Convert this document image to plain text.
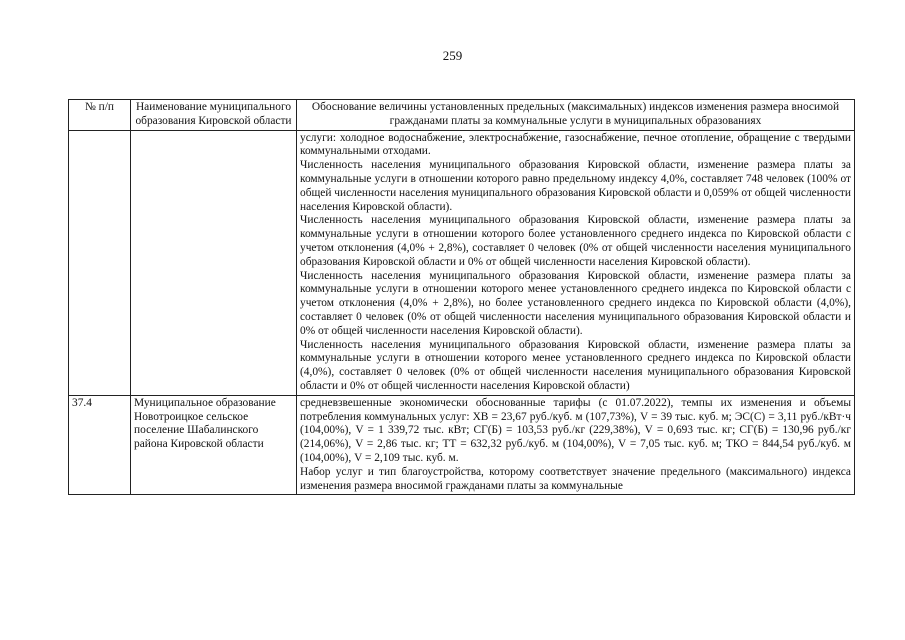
259
№ п/п	Наименование муниципального образования Кировской области	Обоснование величины установленных предельных (максимальных) индексов изменения размера вносимой гражданами платы за коммунальные услуги в муниципальных образованиях

		услуги: холодное водоснабжение, электроснабжение, газоснабжение, печное отопление, обращение с твердыми коммунальными отходами.

Численность населения муниципального образования Кировской области, изменение размера платы за коммунальные услуги в отношении которого равно предельному индексу 4,0%, составляет 748 человек (100% от общей численности населения муниципального образования Кировской области и 0,059% от общей численности населения Кировской области).

Численность населения муниципального образования Кировской области, изменение размера платы за коммунальные услуги в отношении которого более установленного среднего индекса по Кировской области с учетом отклонения (4,0% + 2,8%), составляет 0 человек (0% от общей численности населения муниципального образования Кировской области и 0% от общей численности населения Кировской области).

Численность населения муниципального образования Кировской области, изменение размера платы за коммунальные услуги в отношении которого менее установленного среднего индекса по Кировской области с учетом отклонения (4,0% + 2,8%), но более установленного среднего индекса по Кировской области (4,0%), составляет 0 человек (0% от общей численности населения муниципального образования Кировской области и 0% от общей численности населения Кировской области).

Численность населения муниципального образования Кировской области, изменение размера платы за коммунальные услуги в отношении которого менее установленного среднего индекса по Кировской области (4,0%), составляет 0 человек (0% от общей численности населения муниципального образования Кировской области и 0% от общей численности населения Кировской области)

37.4	Муниципальное образование Новотроицкое сельское поселение Шабалинского района Кировской области	средневзвешенные экономически обоснованные тарифы (с 01.07.2022), темпы их изменения и объемы потребления коммунальных услуг: ХВ = 23,67 руб./куб. м (107,73%), V = 39 тыс. куб. м; ЭС(С) = 3,11 руб./кВт·ч (104,00%), V = 1 339,72 тыс. кВт; СГ(Б) = 103,53 руб./кг (229,38%), V = 0,693 тыс. кг; СГ(Б) = 130,96 руб./кг (214,06%), V = 2,86 тыс. кг; ТТ = 632,32 руб./куб. м (104,00%), V = 7,05 тыс. куб. м; ТКО = 844,54 руб./куб. м (104,00%), V = 2,109 тыс. куб. м.

Набор услуг и тип благоустройства, которому соответствует значение предельного (максимального) индекса изменения размера вносимой гражданами платы за коммунальные
